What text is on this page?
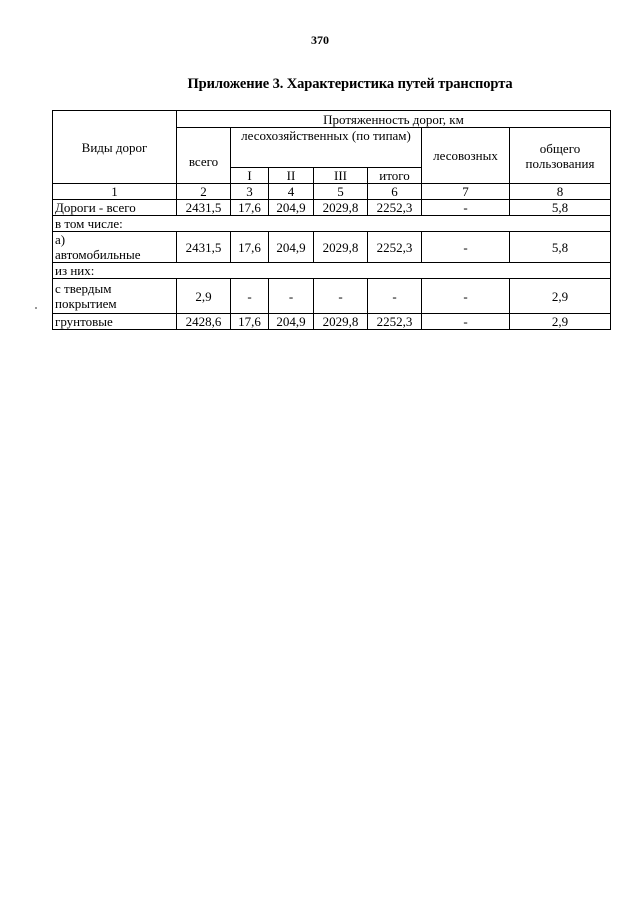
370
Приложение 3. Характеристика путей транспорта
Виды дорог	Протяженность дорог, км						
	всего	лесохозяйственных (по типам)				лесовозных	общего
пользования

		I	II	III	итого		
1	2	3	4	5	6	7	8
Дороги - всего	2431,5	17,6	204,9	2029,8	2252,3	-	5,8
в том числе:							

а)
автомобильные	2431,5	17,6	204,9	2029,8	2252,3	-	5,8
из них:							

с твердым
покрытием	2,9	-	-	-	-	-	2,9
грунтовые	2428,6	17,6	204,9	2029,8	2252,3	-	2,9
